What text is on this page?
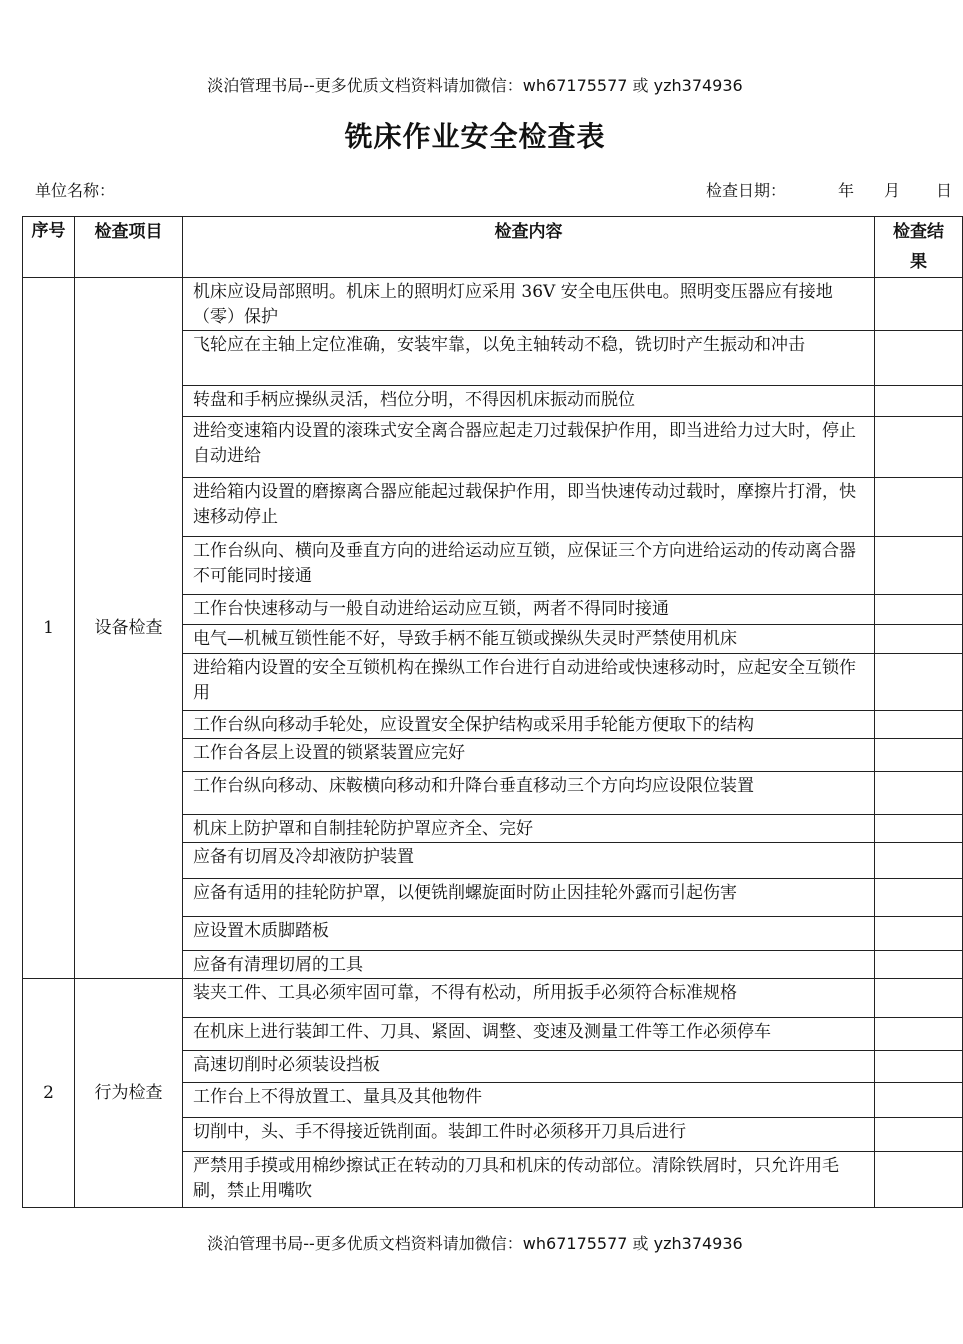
淡泊管理书局--更多优质文档资料请加微信：wh67175577 或 yzh374936
铣床作业安全检查表
单位名称：	检查日期：	年 月 日
序号	检查项目	检查内容	检查结果
1	设备检查	机床应设局部照明。机床上的照明灯应采用 36V 安全电压供电。照明变压器应有接地（零）保护	
		飞轮应在主轴上定位准确，安装牢靠，以免主轴转动不稳，铣切时产生振动和冲击	
		转盘和手柄应操纵灵活，档位分明，不得因机床振动而脱位	
		进给变速箱内设置的滚珠式安全离合器应起走刀过载保护作用，即当进给力过大时，停止自动进给	
		进给箱内设置的磨擦离合器应能起过载保护作用，即当快速传动过载时，摩擦片打滑，快速移动停止	
		工作台纵向、横向及垂直方向的进给运动应互锁，应保证三个方向进给运动的传动离合器不可能同时接通	
		工作台快速移动与一般自动进给运动应互锁，两者不得同时接通	
		电气—机械互锁性能不好，导致手柄不能互锁或操纵失灵时严禁使用机床	
		进给箱内设置的安全互锁机构在操纵工作台进行自动进给或快速移动时，应起安全互锁作用	
		工作台纵向移动手轮处，应设置安全保护结构或采用手轮能方便取下的结构	
		工作台各层上设置的锁紧装置应完好	
		工作台纵向移动、床鞍横向移动和升降台垂直移动三个方向均应设限位装置	
		机床上防护罩和自制挂轮防护罩应齐全、完好	
		应备有切屑及冷却液防护装置	
		应备有适用的挂轮防护罩，以便铣削螺旋面时防止因挂轮外露而引起伤害	
		应设置木质脚踏板	
		应备有清理切屑的工具	
2	行为检查	装夹工件、工具必须牢固可靠，不得有松动，所用扳手必须符合标准规格	
		在机床上进行装卸工件、刀具、紧固、调整、变速及测量工件等工作必须停车	
		高速切削时必须装设挡板	
		工作台上不得放置工、量具及其他物件	
		切削中，头、手不得接近铣削面。装卸工件时必须移开刀具后进行	
		严禁用手摸或用棉纱擦试正在转动的刀具和机床的传动部位。清除铁屑时，只允许用毛刷，禁止用嘴吹	
淡泊管理书局--更多优质文档资料请加微信：wh67175577 或 yzh374936
